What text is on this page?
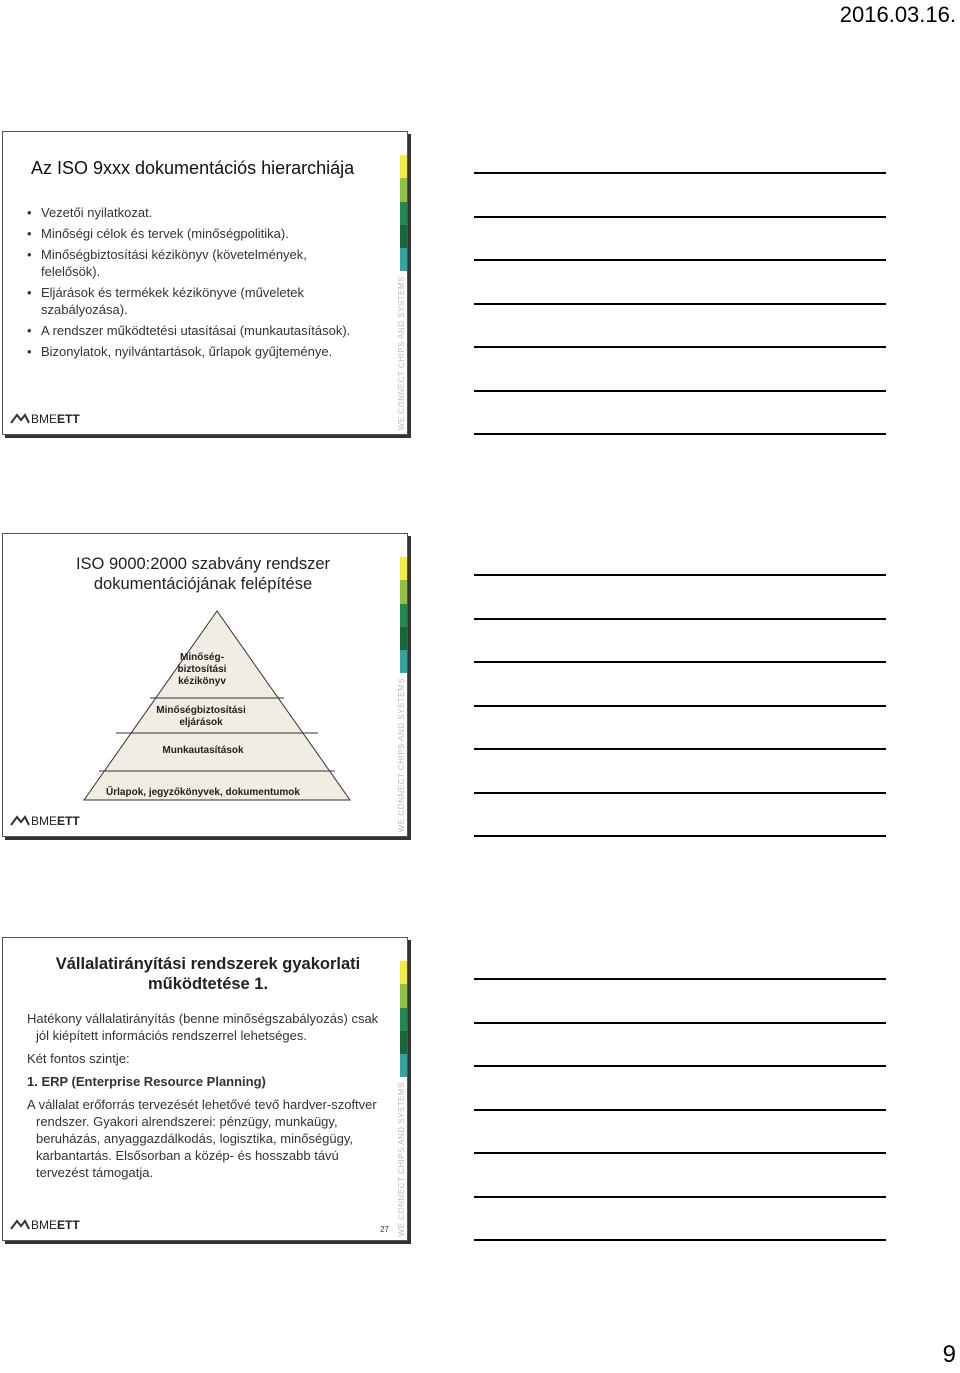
2016.03.16.
WE CONNECT CHIPS AND SYSTEMS
Az ISO 9xxx dokumentációs hierarchiája
• Vezetői nyilatkozat.
• Minőségi célok és tervek (minőségpolitika).
• Minőségbiztosítási kézikönyv (követelmények, felelősök).
• Eljárások és termékek kézikönyve (műveletek szabályozása).
• A rendszer működtetési utasításai (munkautasítások).
• Bizonylatok, nyilvántartások, űrlapok gyűjteménye.
BMEETT
WE CONNECT CHIPS AND SYSTEMS
ISO 9000:2000 szabvány rendszer dokumentációjának felépítése
Minőség- biztosítási kézikönyv
Minőségbiztosítási eljárások
Munkautasítások
Űrlapok, jegyzőkönyvek, dokumentumok
BMEETT
WE CONNECT CHIPS AND SYSTEMS
Vállalatirányítási rendszerek gyakorlati működtetése 1.

Hatékony vállalatirányítás (benne minőségszabályozás) csak jól kiépített információs rendszerrel lehetséges.

Két fontos szintje:

1. ERP (Enterprise Resource Planning)

A vállalat erőforrás tervezését lehetővé tevő hardver-szoftver rendszer. Gyakori alrendszerei: pénzügy, munkaügy, beruházás, anyaggazdálkodás, logisztika, minőségügy, karbantartás. Elsősorban a közép- és hosszabb távú tervezést támogatja.

27
BMEETT
9
